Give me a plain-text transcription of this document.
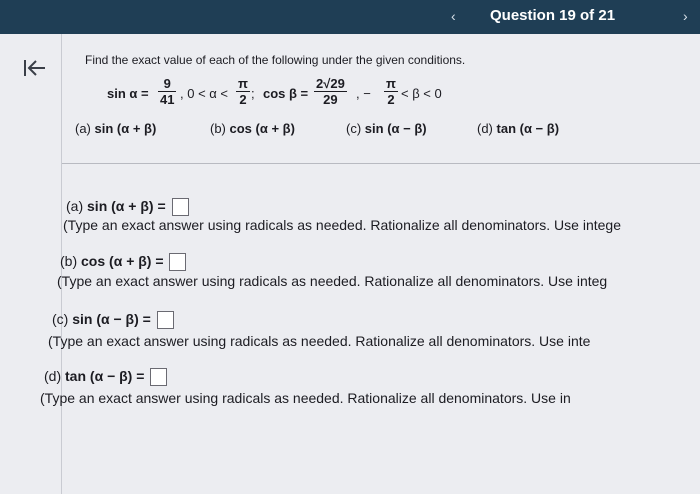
‹ Question 19 of 21	›
Find the exact value of each of the following under the given conditions.
$\sin \alpha = \frac{9}{41}$ , $0 < \alpha < \frac{\pi}{2}$ ; $\cos \beta = \frac{2√29}{29}$ , − $\frac{\pi}{2} < \beta < 0$
(a) sin (α + β)	(b) cos (α + β)	(c) sin (α − β)	(d) tan (α − β)
(a) sin (α + β) =
(Type an exact answer using radicals as needed. Rationalize all denominators. Use intege
(b) cos (α + β) =
(Type an exact answer using radicals as needed. Rationalize all denominators. Use integ
(c) sin (α − β) =
(Type an exact answer using radicals as needed. Rationalize all denominators. Use inte
(d) tan (α − β) =
(Type an exact answer using radicals as needed. Rationalize all denominators. Use in
